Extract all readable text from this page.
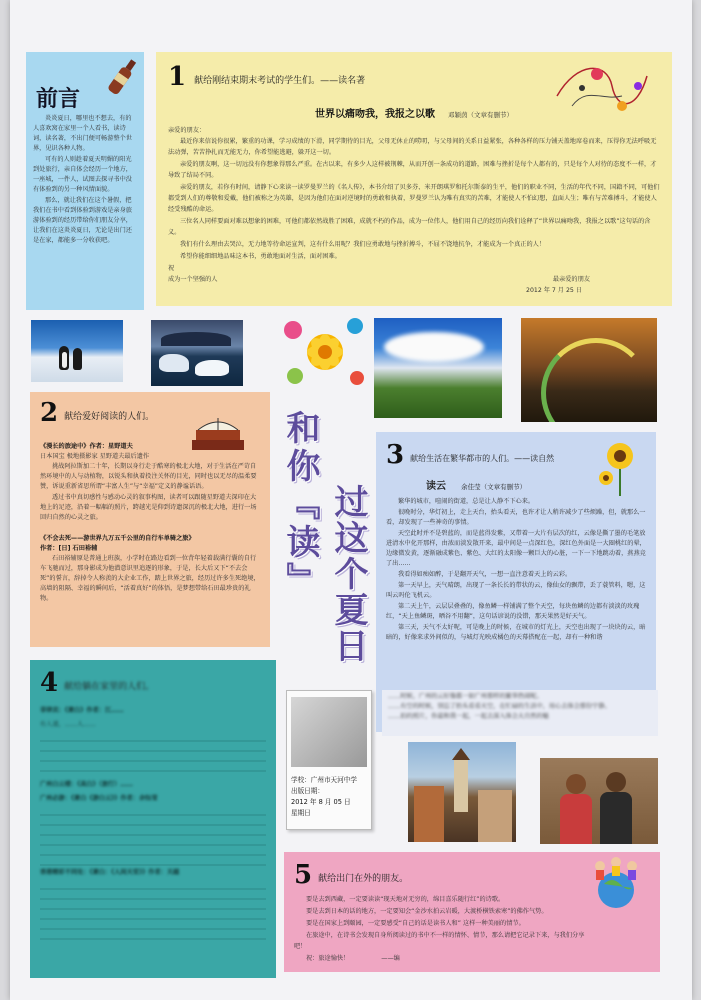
前言

炎炎夏日，哪里也不想去，有的人喜欢窝在家里一个人看书，读诗词，读名著，不出门便可畅游整个世界，见识各种人物。

可有的人则趁着夏天明媚的阳光到处旅行，亲自体会经历一个地方，一座城，一件人，试图去探寻书中没有体验到的另一种风情面貌。

那么，就让我们在这个暑假，把我们在书中看到体验到游戏是亲身旅游体验到的经历带给你们朋友分享，让我们在这炎炎夏日，无论是出门还是在家，都能多一分收获吧。

1 献给刚结束期末考试的学生们。——读名著
世界以痛吻我，我报之以歌 邓颖茵（文章有删节）
亲爱的朋友：

最近你来信说你很累，繁重的功课，学习成绩的下滑，同学期待的目光，父母无休止的唠叨，与父母间的关系日益紧张，各种各样的压力铺天盖地席卷而来，压得你无法呼吸无法动弹，苦苦挣扎而无能无力，你希望能逃避，躲开这一切。

亲爱的朋友啊，这一切远没有你想象得那么严重。在古以来，有多少人这样被荆棘，从而开创一条成功的道路，困难与挫折是每个人都有的，只是每个人对待的态度不一样，才导致了结局不同。

亲爱的朋友，若你有时间，请静下心来读一读罗曼罗兰的《名人传》，本书介绍了贝多芬、米开朗琪罗和托尔斯泰的生平，他们的职业不同，生活的年代不同，国籍不同，可他们都受到人们的尊敬和爱戴，他们被称之为英雄，是因为他们在面对逆境时的勇敢和执着，罗曼罗兰认为唯有真实的苦难，才能使人不怕幻想，直面人生；唯有与苦难搏斗，才能使人经受残酷的命运。

三位名人同样要面对难以想象的困难，可他们都依然战胜了困难，成就不朽的作品，成为一位伟人，他们用自己的经历向我们诠释了“世界以痛吻我，我报之以歌”这句话的含义。

我们有什么理由去哭泣，无力地等待命运宣判，这有什么用呢？我们应勇敢地与挫折搏斗，不屈不饶地抗争，才能成为一个真正的人！

希望你能细细地品味这本书，勇敢地面对生活，面对困难。

祝
成为一个坚强的人	最亲爱的朋友
2012 年 7 月 25 日
2 献给爱好阅读的人们。
《漫长的旅途中》作者：星野道夫
日本国宝 极地摄影家 星野道夫最后遗作

挑战阿拉斯加二十年，长期以身行走于酷寒的极北大地，对于生活在严苛自然环境中的人与动植物，以锐头和执着投注关怀的目光，同时也以无尽的温柔要赞，诉说重新省思所谓“丰富人生”与“幸福”定义的静谧话语。

透过书中真切感性与感动心灵的叙事构图，读者可以跟随星野道夫深印在大地上的足迹，沿着一幅幅的照片，跨越光是仰到诗遗深沉的极北大地，进行一场回归自然的心灵之旅。

《不会去死——游世界九万五千公里的自行车单骑之旅》
作者：[日] 石田裕辅

石田裕辅原是普通上班族，小学时在路边看到一位背年轻着载满行囊的自行车飞驰而过，那身影成为他潜意识里追逐的形象，于是，长大后又下“不去会死”的誓言，辞掉令人称羡的大企业工作，踏上世界之旅，经历过许多生死绝境，高墙的阻隔、幸福的瞬间后，“活着真好”的体悟，是梦想带给石田最珍贵的礼物。	和你『读』 过这个夏日
学校：广州市天河中学
出版日期：
2012 年 8 月 05 日
星期日
3 献给生活在繁华都市的人们。——读自然
读云 余佳莹（文章有删节）

繁华的城市，喧闹的街道，总是让人静不下心来。

很晚时分，华灯初上，走上天台，抬头看天，也许才让人稍许减少了些烦躁，但，就那么一看，却发现了一些神奇的事情。

天空此时并不是碧蓝的，而是蓝得发紫，又带着一大片有层次的红，云像是撕了墨的毛笔放进清水中化开那样，由浓而淡发散开来，最中间是一点深红色，深红色外面是一大圈桃红的晕，边缘微发黄，逐渐融成紫色、紫色、大红的太阳像一颗巨大的心脏，一下一下地跳动着，燕燕竞了出……

我看得如痴如醉，于是翻开天气，一想一直注意着天上的云彩。

第一天早上，天气晴朗，出现了一条长长的带状的云，像仙女的飘带，丢了蓑管料，嗯，这叫云吗伦飞机云。

第二天上午，云层层叠叠的，像鱼鳞一样铺满了整个天空，每块鱼鳞的边都有淡淡的玫瑰红，“天上鱼鳞斑，晒谷不用翻”，这句话谚说的没错，那天果然是好天气。

第三天，天气不太好呢，可是晚上的时候，在城市的灯光上，天空也出现了一块块的云，暗暗的，好像来求外间似的，与城灯光映成橘色的天幕搭配在一起，却有一种和谐

……时候，广州的云好像都一如广州那样的繁华热闹呢。
……有空的时候，别忘了抬头看看天空，在忙碌的生活中，用心去体会那份宁静。
……拍的照片，你最和我一起，一起去深入体会大自然的魅
4 献给躺在家里的人们。
菲律宾：《萧白》作者：江……
有人道，……人……
广州白云楼：《高白》（旅行）……
广州必游：《萧白《游白云》》作者：余钰莹
香港精彩不同处：《萧白：《人间天堂》》作者：关越	5 献给出门在外的朋友。

要是去到西藏，一定要读读“现天地对无穷的，绵目喜乐随行红”的诗歌。

要是去到日本的话的地方，一定要知会“金沙水拍云岩暖，大渡桥横铁索寒”的佛作气势。

要是在国家上到颐园，一定要感受“自己的话是读书人和” 这样一种美丽的情节。

在旅途中，在诗书会发现自身所阅读过的书中不一样的情怀、情节，那么请把它记录下来，与我们分享吧！

祝：旅途愉快！	——编
